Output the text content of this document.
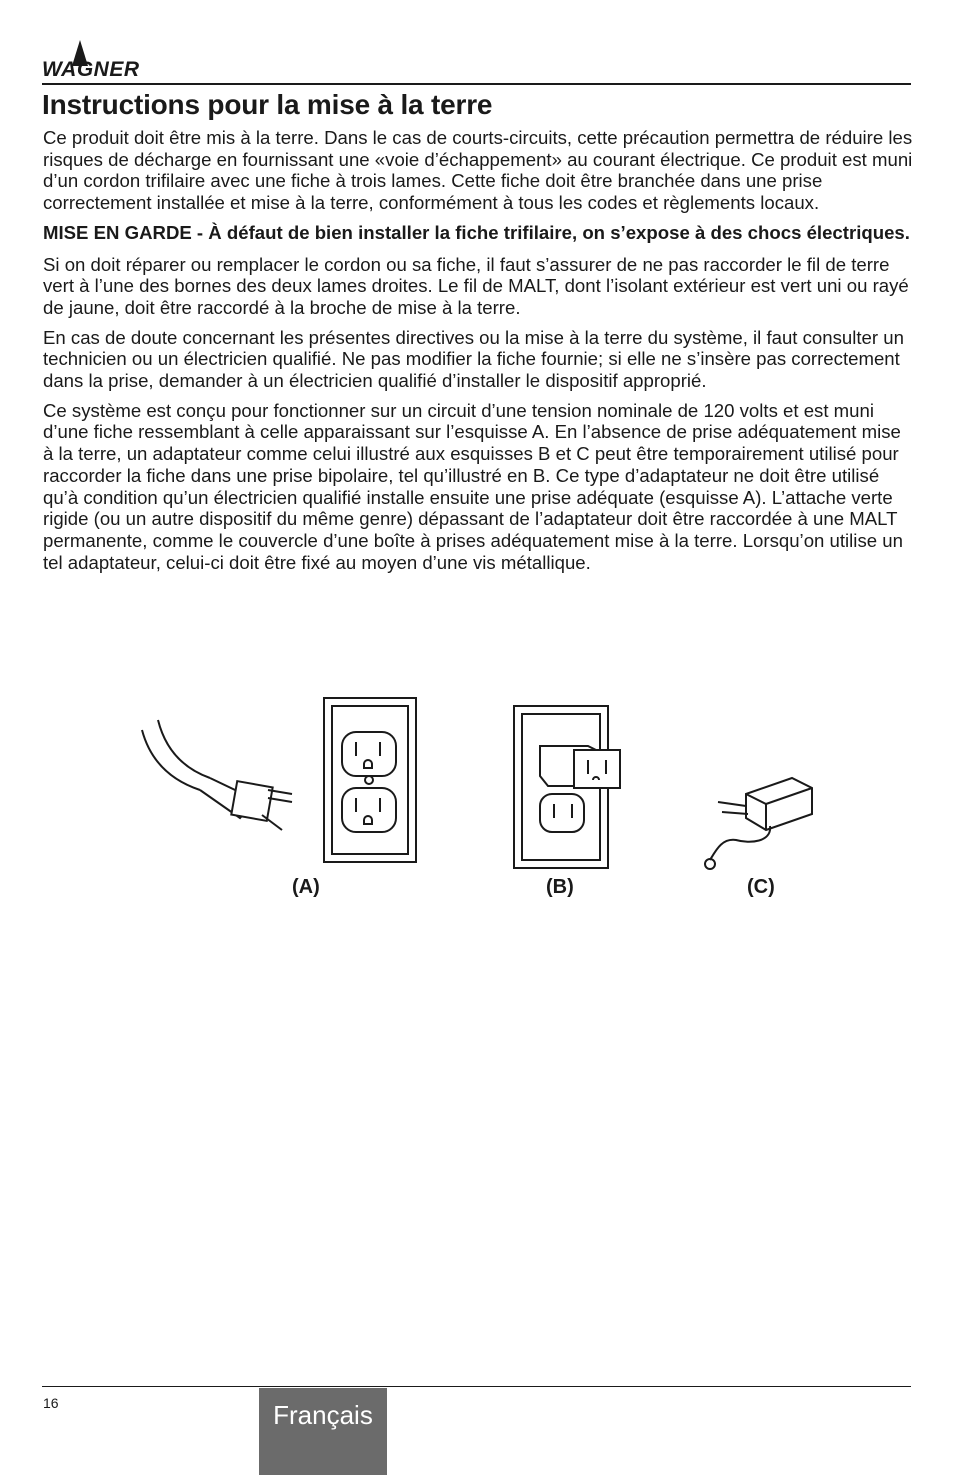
WAGNER
Instructions pour la mise à la terre

Ce produit doit être mis à la terre. Dans le cas de courts-circuits, cette précaution permettra de réduire les risques de décharge en fournissant une «voie d’échappement» au courant électrique. Ce produit est muni d’un cordon trifilaire avec une fiche à trois lames. Cette fiche doit être branchée dans une prise correctement installée et mise à la terre, conformément à tous les codes et règlements locaux.

MISE EN GARDE - À défaut de bien installer la fiche trifilaire, on s’expose à des chocs électriques.

Si on doit réparer ou remplacer le cordon ou sa fiche, il faut s’assurer de ne pas raccorder le fil de terre vert à l’une des bornes des deux lames droites. Le fil de MALT, dont l’isolant extérieur est vert uni ou rayé de jaune, doit être raccordé à la broche de mise à la terre.

En cas de doute concernant les présentes directives ou la mise à la terre du système, il faut consulter un technicien ou un électricien qualifié. Ne pas modifier la fiche fournie; si elle ne s’insère pas correctement dans la prise, demander à un électricien qualifié d’installer le dispositif approprié.

Ce système est conçu pour fonctionner sur un circuit d’une tension nominale de 120 volts et est muni d’une fiche ressemblant à celle apparaissant sur l’esquisse A. En l’absence de prise adéquatement mise à la terre, un adaptateur comme celui illustré aux esquisses B et C peut être temporairement utilisé pour raccorder la fiche dans une prise bipolaire, tel qu’illustré en B. Ce type d’adaptateur ne doit être utilisé qu’à condition qu’un électricien qualifié installe ensuite une prise adéquate (esquisse A). L’attache verte rigide (ou un autre dispositif du même genre) dépassant de l’adaptateur doit être raccordée à une MALT permanente, comme le couvercle d’une boîte à prises adéquatement mise à la terre. Lorsqu’on utilise un tel adaptateur, celui-ci doit être fixé au moyen d’une vis métallique.

(A)	(B)	(C)
16	Français
